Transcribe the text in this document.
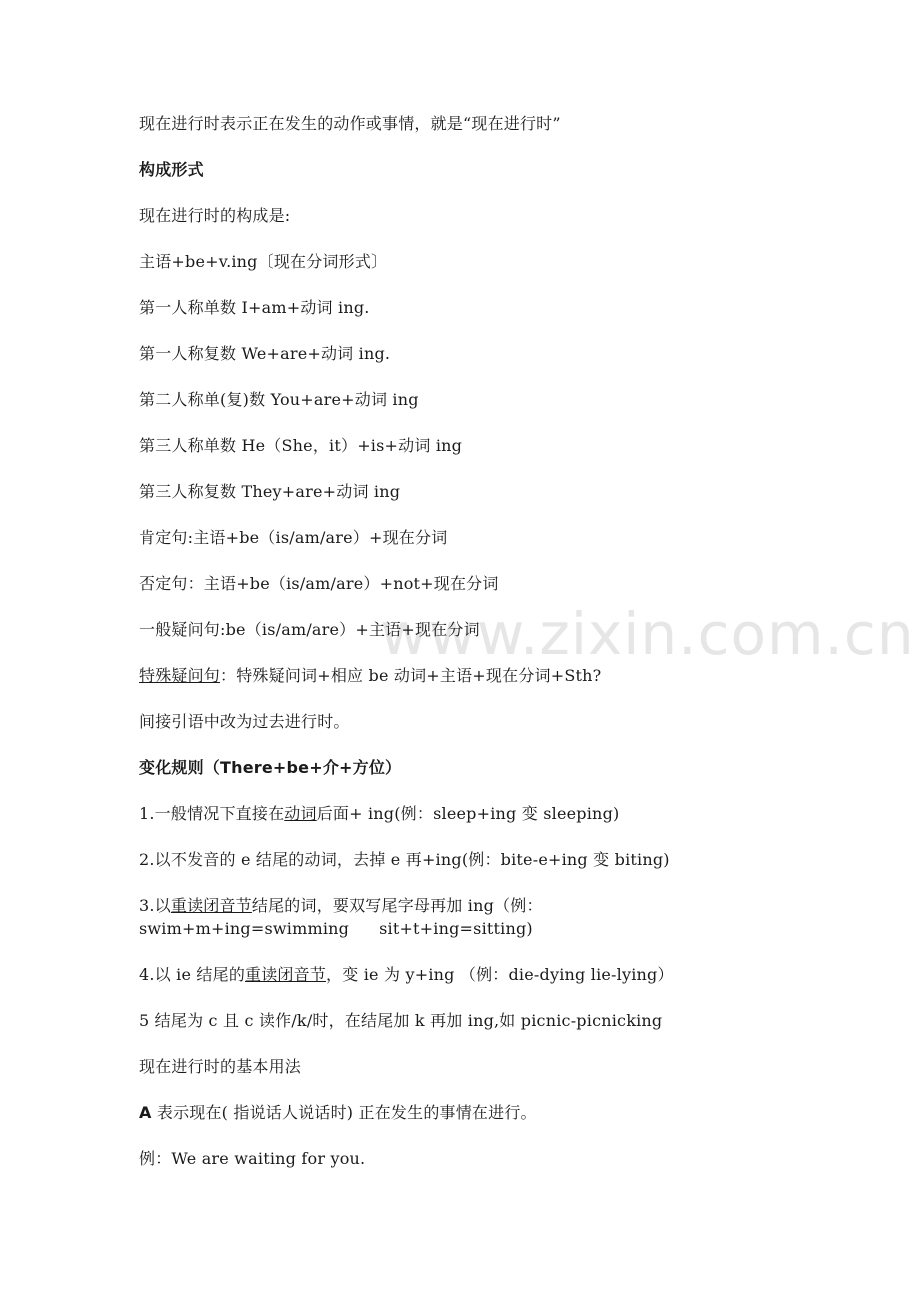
www.zixin.com.cn
现在进行时表示正在发生的动作或事情，就是“现在进行时”
构成形式
现在进行时的构成是:
主语+be+v.ing〔现在分词形式〕
第一人称单数 I+am+动词 ing.
第一人称复数 We+are+动词 ing.
第二人称单(复)数 You+are+动词 ing
第三人称单数 He（She，it）+is+动词 ing
第三人称复数 They+are+动词 ing
肯定句:主语+be（is/am/are）+现在分词
否定句：主语+be（is/am/are）+not+现在分词
一般疑问句:be（is/am/are）+主语+现在分词
特殊疑问句：特殊疑问词+相应 be 动词+主语+现在分词+Sth?
间接引语中改为过去进行时。
变化规则（There+be+介+方位）
1.一般情况下直接在动词后面+ ing(例：sleep+ing 变 sleeping)
2.以不发音的 e 结尾的动词，去掉 e 再+ing(例：bite-e+ing 变 biting)
3.以重读闭音节结尾的词，要双写尾字母再加 ing（例：
swim+m+ing=swimming sit+t+ing=sitting)
4.以 ie 结尾的重读闭音节，变 ie 为 y+ing （例：die-dying lie-lying）
5 结尾为 c 且 c 读作/k/时，在结尾加 k 再加 ing,如 picnic-picnicking
现在进行时的基本用法
A 表示现在( 指说话人说话时) 正在发生的事情在进行。
例：We are waiting for you.
